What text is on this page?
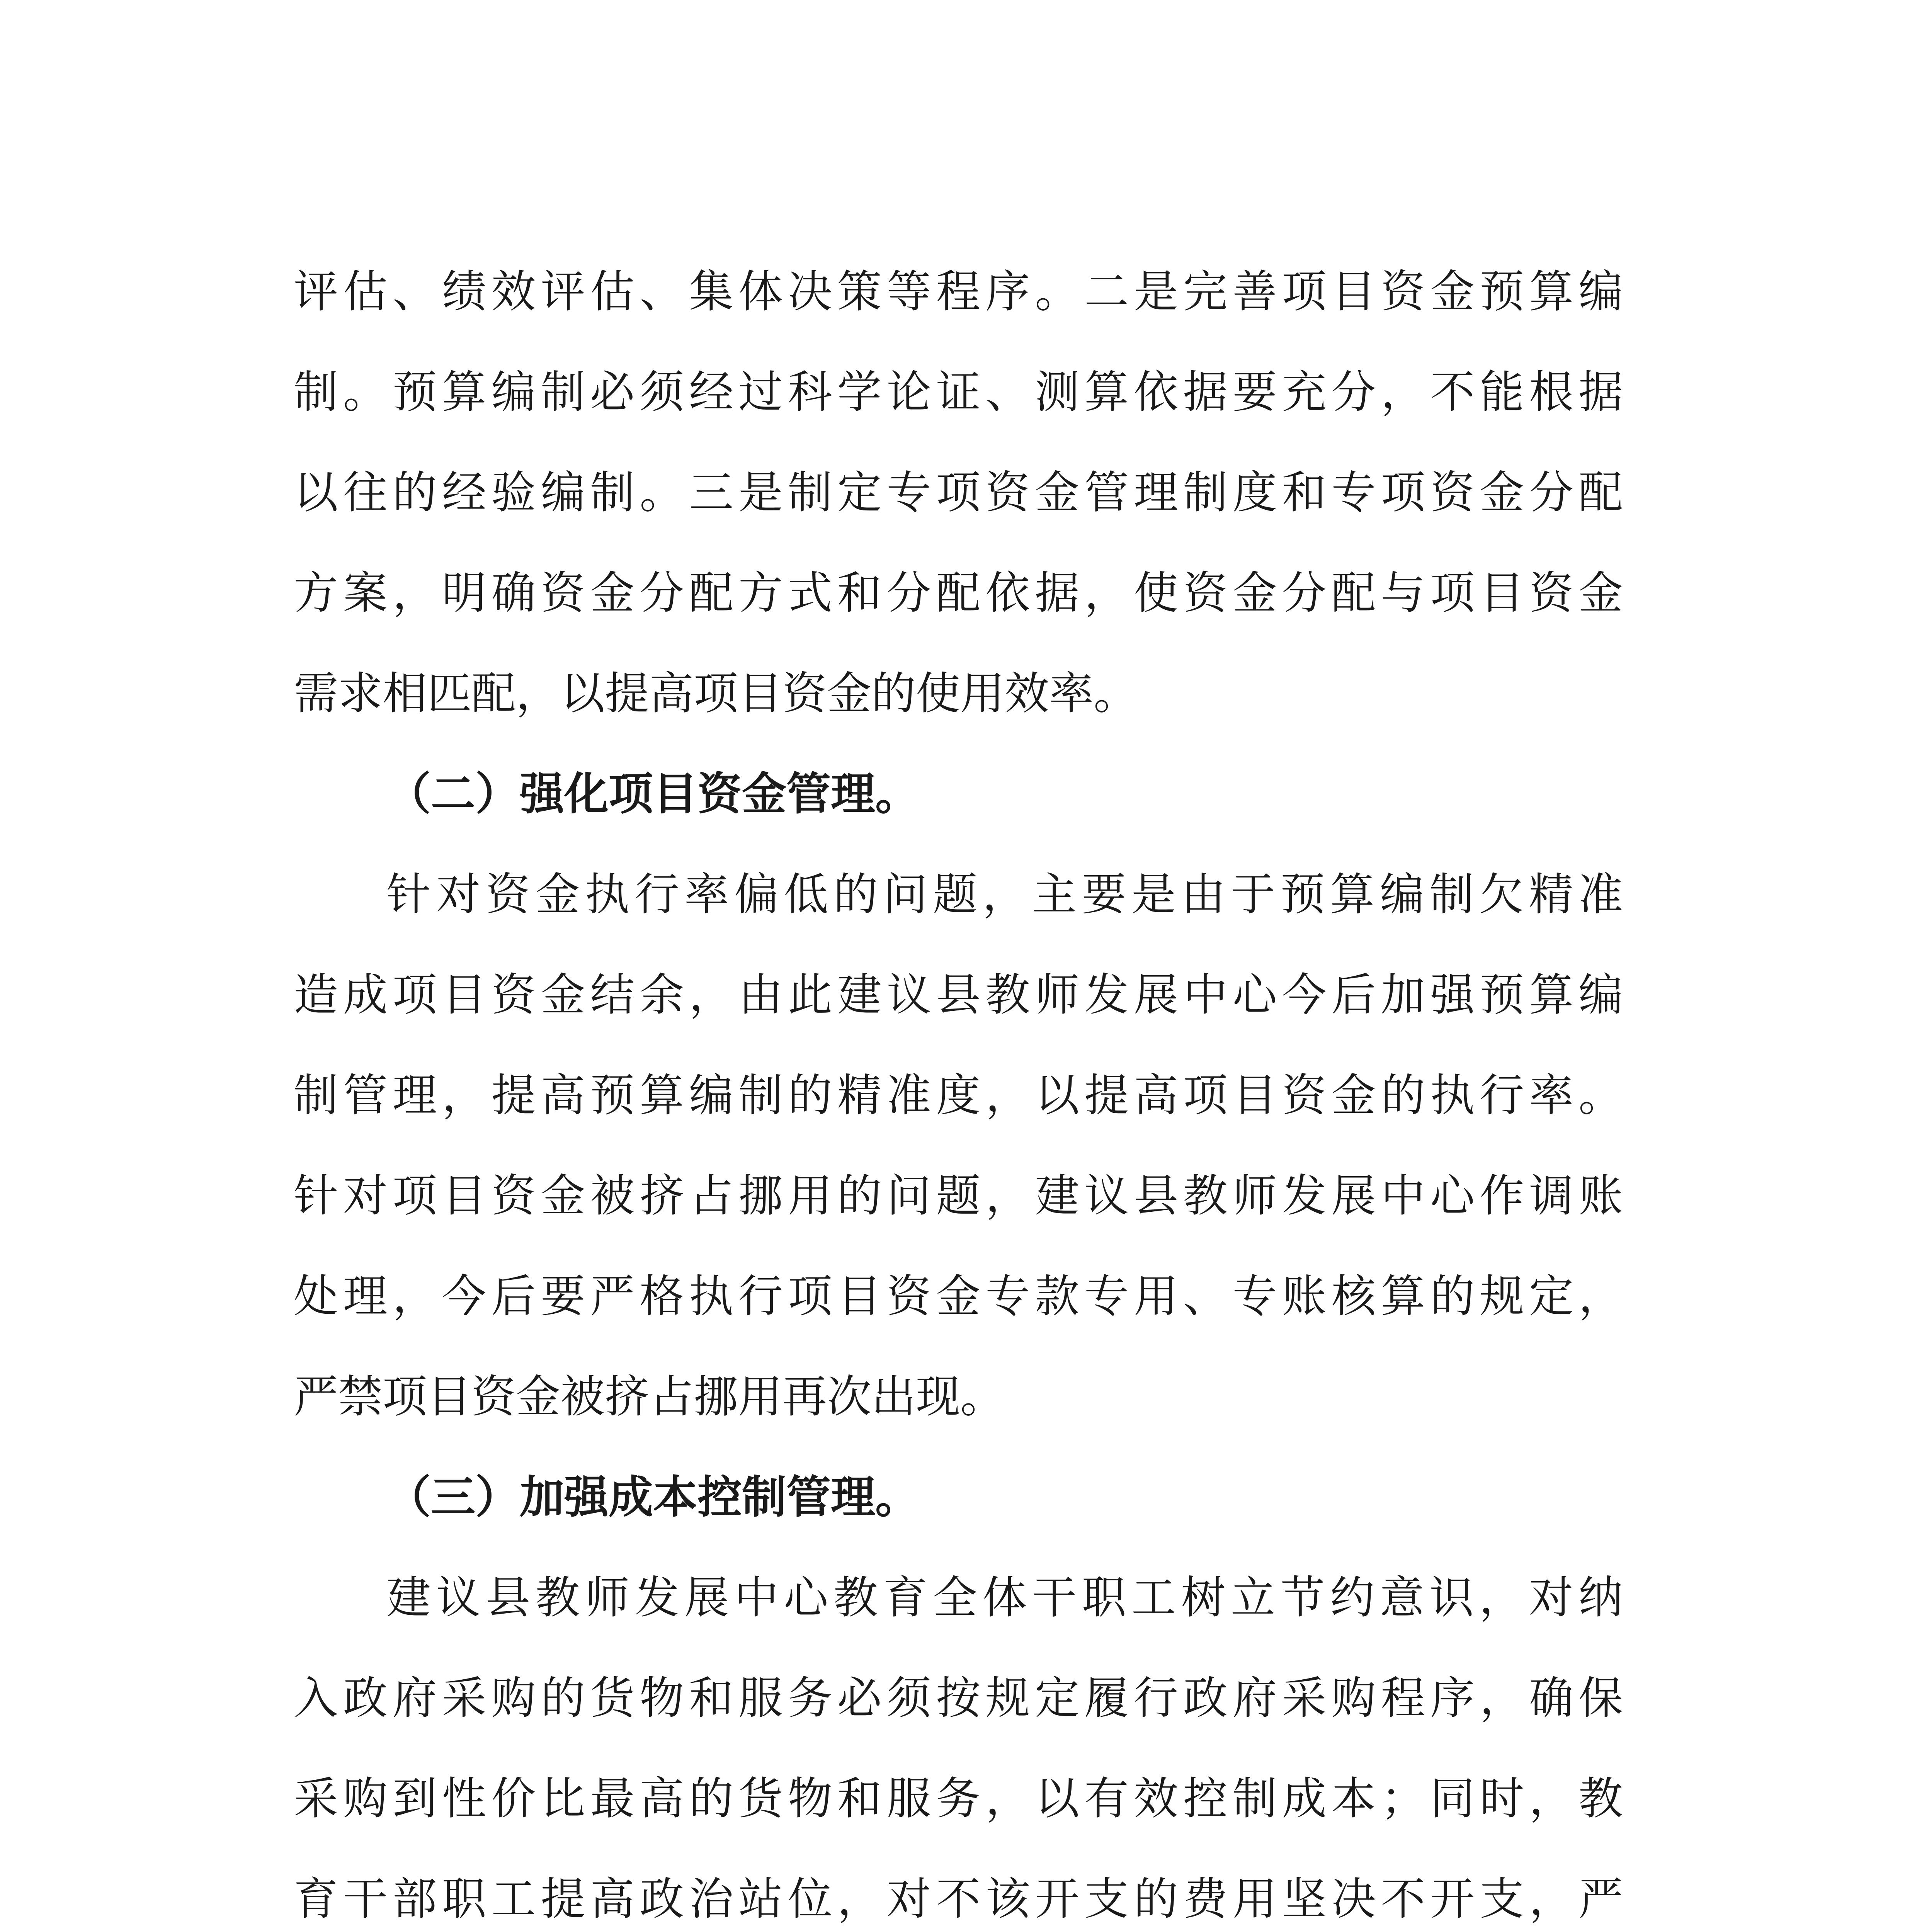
评估、绩效评估、集体决策等程序。二是完善项目资金预算编
制。预算编制必须经过科学论证、测算依据要充分，不能根据
以往的经验编制。三是制定专项资金管理制度和专项资金分配
方案，明确资金分配方式和分配依据，使资金分配与项目资金
需求相匹配，以提高项目资金的使用效率。
（二）强化项目资金管理。
针对资金执行率偏低的问题，主要是由于预算编制欠精准
造成项目资金结余，由此建议县教师发展中心今后加强预算编
制管理，提高预算编制的精准度，以提高项目资金的执行率。
针对项目资金被挤占挪用的问题，建议县教师发展中心作调账
处理，今后要严格执行项目资金专款专用、专账核算的规定，
严禁项目资金被挤占挪用再次出现。
（三）加强成本控制管理。
建议县教师发展中心教育全体干职工树立节约意识，对纳
入政府采购的货物和服务必须按规定履行政府采购程序，确保
采购到性价比最高的货物和服务，以有效控制成本；同时，教
育干部职工提高政治站位，对不该开支的费用坚决不开支，严
